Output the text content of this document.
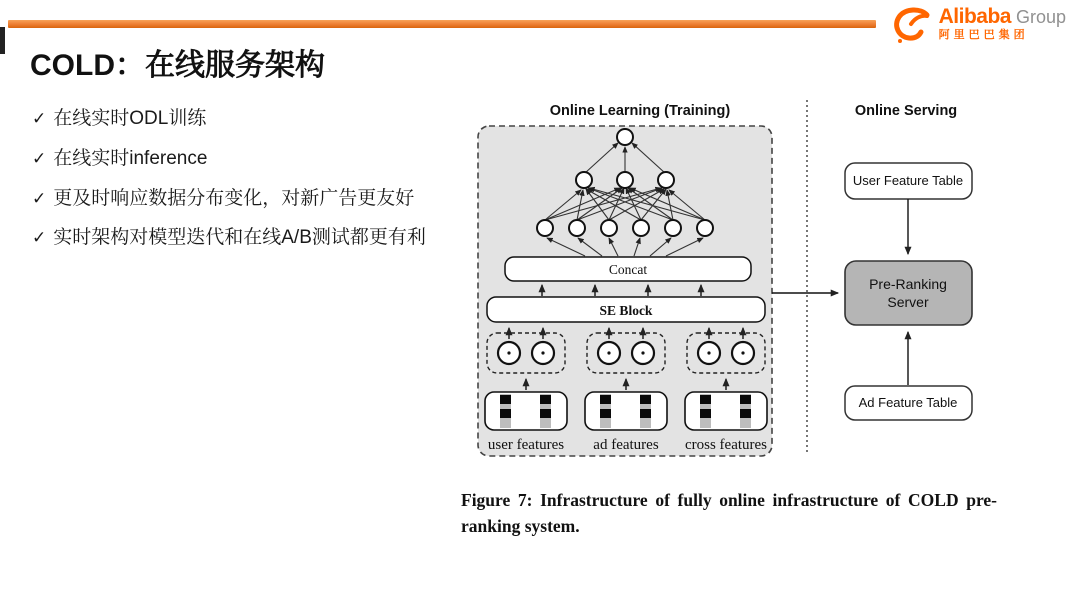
Alibaba Group
阿里巴巴集团
COLD：在线服务架构
✓ 在线实时ODL训练
✓ 在线实时inference
✓ 更及时响应数据分布变化，对新广告更友好
✓ 实时架构对模型迭代和在线A/B测试都更有利
Online Learning (Training)	Online Serving
Concat
SE Block
user features ad features cross features
User Feature Table
Pre-Ranking
Server
Ad Feature Table
Figure 7: Infrastructure of fully online infrastructure of COLD pre-ranking system.
